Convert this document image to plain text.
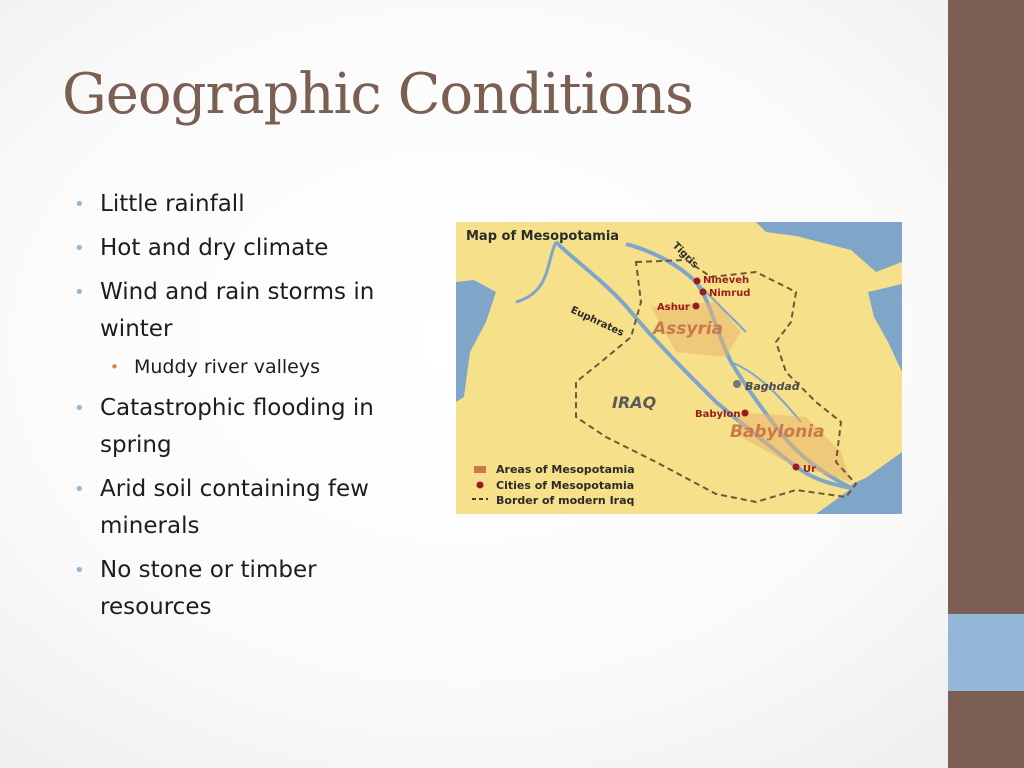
Geographic Conditions
• Little rainfall
• Hot and dry climate
• Wind and rain storms in winter
• Muddy river valleys
• Catastrophic flooding in spring
• Arid soil containing few minerals
• No stone or timber resources
Map of Mesopotamia
Tigris
Euphrates
Nineveh
Nimrud
Ashur
Assyria
Baghdad
IRAQ
Babylon
Babylonia
Ur
Areas of Mesopotamia
Cities of Mesopotamia
Border of modern Iraq
